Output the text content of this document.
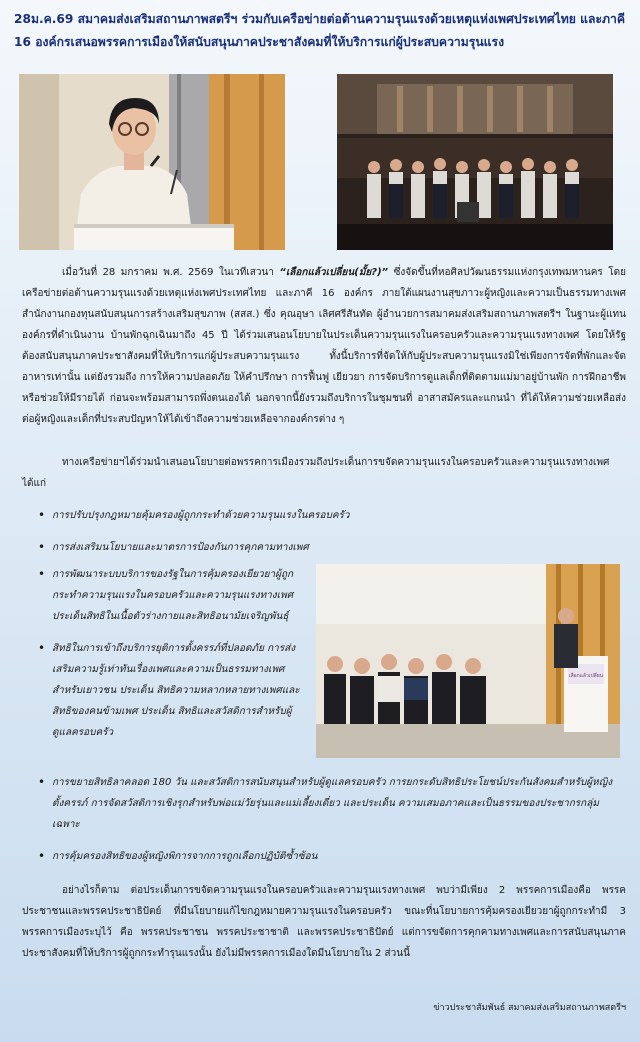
28ม.ค.69 สมาคมส่งเสริมสถานภาพสตรีฯ ร่วมกับเครือข่ายต่อต้านความรุนแรงด้วยเหตุแห่งเพศประเทศไทย และภาคี 16 องค์กรเสนอพรรคการเมืองให้สนับสนุนภาคประชาสังคมที่ให้บริการแก่ผู้ประสบความรุนแรง

เมื่อวันที่ 28 มกราคม พ.ศ. 2569 ในเวทีเสวนา “เลือกแล้วเปลี่ยน(มั้ย?)” ซึ่งจัดขึ้นที่หอศิลปวัฒนธรรมแห่งกรุงเทพมหานคร โดย เครือข่ายต่อต้านความรุนแรงด้วยเหตุแห่งเพศประเทศไทย และภาคี 16 องค์กร ภายใต้แผนงานสุขภาวะผู้หญิงและความเป็นธรรมทางเพศ สำนักงานกองทุนสนับสนุนการสร้างเสริมสุขภาพ (สสส.) ซึ่ง คุณอุษา เลิศศรีสันทัด ผู้อำนวยการสมาคมส่งเสริมสถานภาพสตรีฯ ในฐานะผู้แทนองค์กรที่ดำเนินงาน บ้านพักฉุกเฉินมาถึง 45 ปี ได้ร่วมเสนอนโยบายในประเด็นความรุนแรงในครอบครัวและความรุนแรงทางเพศ โดยให้รัฐต้องสนับสนุนภาคประชาสังคมที่ให้บริการแก่ผู้ประสบความรุนแรง ทั้งนี้บริการที่จัดให้กับผู้ประสบความรุนแรงมิใช่เพียงการจัดที่พักและจัดอาหารเท่านั้น แต่ยังรวมถึง การให้ความปลอดภัย ให้คำปรึกษา การฟื้นฟู เยียวยา การจัดบริการดูแลเด็กที่ติดตามแม่มาอยู่บ้านพัก การฝึกอาชีพหรือช่วยให้มีรายได้ ก่อนจะพร้อมสามารถพึ่งตนเองได้ นอกจากนี้ยังรวมถึงบริการในชุมชนที่ อาสาสมัครและแกนนำ ที่ได้ให้ความช่วยเหลือส่งต่อผู้หญิงและเด็กที่ประสบปัญหาให้ได้เข้าถึงความช่วยเหลือจากองค์กรต่าง ๆ

ทางเครือข่ายฯได้ร่วมนำเสนอนโยบายต่อพรรคการเมืองรวมถึงประเด็นการขจัดความรุนแรงในครอบครัวและความรุนแรงทางเพศ ได้แก่

• การปรับปรุงกฎหมายคุ้มครองผู้ถูกกระทำด้วยความรุนแรงในครอบครัว
• การส่งเสริมนโยบายและมาตรการป้องกันการคุกคามทางเพศ
• การพัฒนาระบบบริการของรัฐในการคุ้มครองเยียวยาผู้ถูกกระทำความรุนแรงในครอบครัวและความรุนแรงทางเพศ ประเด็นสิทธิในเนื้อตัวร่างกายและสิทธิอนามัยเจริญพันธุ์
• สิทธิในการเข้าถึงบริการยุติการตั้งครรภ์ที่ปลอดภัย การส่งเสริมความรู้เท่าทันเรื่องเพศและความเป็นธรรมทางเพศสำหรับเยาวชน ประเด็น สิทธิความหลากหลายทางเพศและสิทธิของคนข้ามเพศ ประเด็น สิทธิและสวัสดิการสำหรับผู้ดูแลครอบครัว
เลือกแล้วเปลี่ยน
• การขยายสิทธิลาคลอด 180 วัน และสวัสดิการสนับสนุนสำหรับผู้ดูแลครอบครัว การยกระดับสิทธิประโยชน์ประกันสังคมสำหรับผู้หญิงตั้งครรภ์ การจัดสวัสดิการเชิงรุกสำหรับพ่อแม่วัยรุ่นและแม่เลี้ยงเดี่ยว และประเด็น ความเสมอภาคและเป็นธรรมของประชากรกลุ่มเฉพาะ
• การคุ้มครองสิทธิของผู้หญิงพิการจากการถูกเลือกปฏิบัติซ้ำซ้อน

อย่างไรก็ตาม ต่อประเด็นการขจัดความรุนแรงในครอบครัวและความรุนแรงทางเพศ พบว่ามีเพียง 2 พรรคการเมืองคือ พรรคประชาชนและพรรคประชาธิปัตย์ ที่มีนโยบายแก้ไขกฎหมายความรุนแรงในครอบครัว ขณะที่นโยบายการคุ้มครองเยียวยาผู้ถูกกระทำมี 3 พรรคการเมืองระบุไว้ คือ พรรคประชาชน พรรคประชาชาติ และพรรคประชาธิปัตย์ แต่การขจัดการคุกคามทางเพศและการสนับสนุนภาคประชาสังคมที่ให้บริการผู้ถูกกระทำรุนแรงนั้น ยังไม่มีพรรคการเมืองใดมีนโยบายใน 2 ส่วนนี้

ข่าวประชาสัมพันธ์ สมาคมส่งเสริมสถานภาพสตรีฯ
